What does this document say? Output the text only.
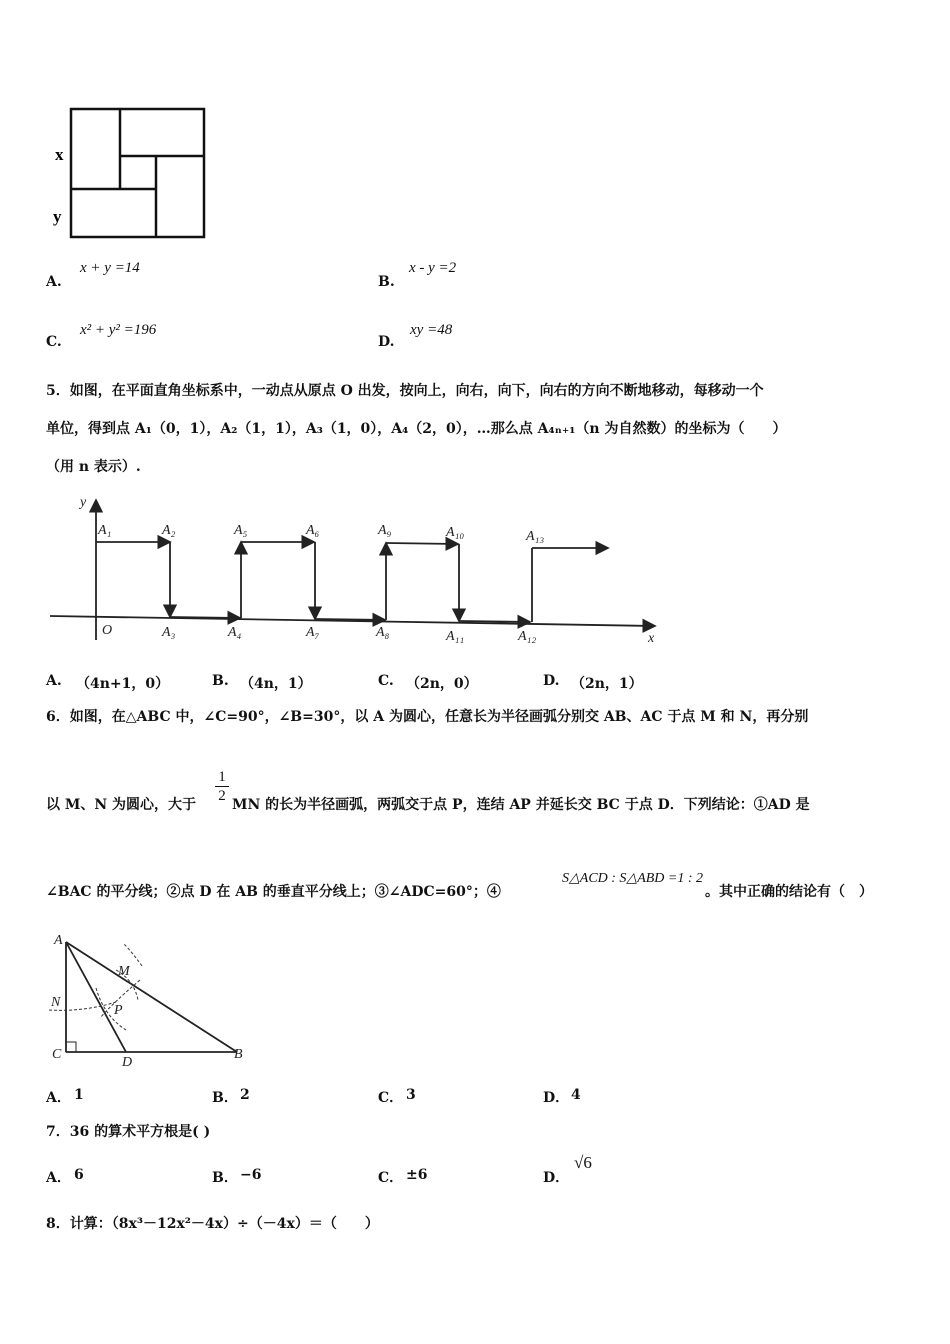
x
y
A.
x + y =14
B.
x - y =2
C.
x² + y² =196
D.
xy =48
5．如图，在平面直角坐标系中，一动点从原点 O 出发，按向上，向右，向下，向右的方向不断地移动，每移动一个
单位，得到点 A₁（0，1），A₂（1，1），A₃（1，0），A₄（2，0），…那么点 A₄ₙ₊₁（n 为自然数）的坐标为（　　）
（用 n 表示）.
y
x
O
A₁	A₂
A₃	A₄
A₅	A₆
A₇	A₈
A₉	A₁₀
A₁₁	A₁₂
A₁₃
A. （4n+1，0）	B. （4n，1）	C. （2n，0）	D. （2n，1）
6．如图，在△ABC 中，∠C=90°，∠B=30°，以 A 为圆心，任意长为半径画弧分别交 AB、AC 于点 M 和 N，再分别
以 M、N 为圆心，大于 $\frac{1}{2}$ MN 的长为半径画弧，两弧交于点 P，连结 AP 并延长交 BC 于点 D．下列结论：①AD 是
∠BAC 的平分线；②点 D 在 AB 的垂直平分线上；③∠ADC=60°；④
S△ACD : S△ABD =1 : 2
。其中正确的结论有（　）
A
M
N
P
C
D
B
A． 1	B． 2	C． 3	D． 4
7．36 的算术平方根是( )
A． 6	B． −6	C． ±6	D．
√6
8．计算：（8x³－12x²－4x）÷（－4x）＝（　　）
